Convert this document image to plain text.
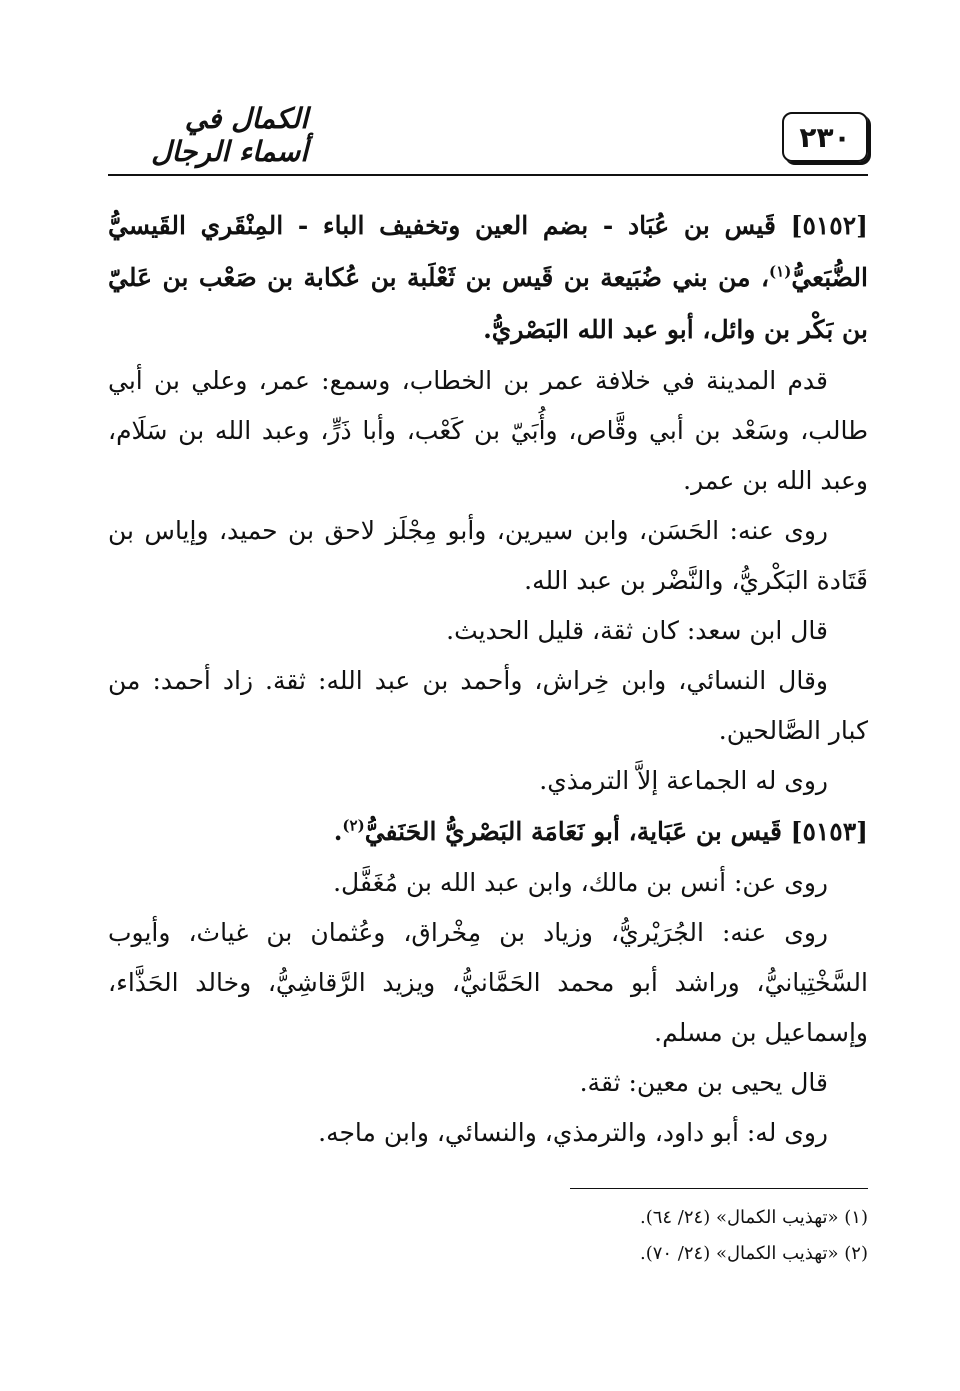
٢٣٠
الكمال في أسماء الرجال

[٥١٥٢] قَيس بن عُبَاد - بضم العين وتخفيف الباء - المِنْقَري القَيسيُّ الضُّبَعيُّ$^{(١)}$، من بني ضُبَيعة بن قَيس بن ثَعْلَبة بن عُكابة بن صَعْب بن عَليّ بن بَكْر بن وائل، أبو عبد الله البَصْريُّ.

قدم المدينة في خلافة عمر بن الخطاب، وسمع: عمر، وعلي بن أبي طالب، وسَعْد بن أبي وقَّاص، وأُبَيّ بن كَعْب، وأبا ذَرٍّ، وعبد الله بن سَلَام، وعبد الله بن عمر.

روى عنه: الحَسَن، وابن سيرين، وأبو مِجْلَز لاحق بن حميد، وإياس بن قَتَادة البَكْريُّ، والنَّضْر بن عبد الله.

قال ابن سعد: كان ثقة، قليل الحديث.

وقال النسائي، وابن خِراش، وأحمد بن عبد الله: ثقة. زاد أحمد: من كبار الصَّالحين.

روى له الجماعة إلاَّ الترمذي.

[٥١٥٣] قَيس بن عَبَاية، أبو نَعَامَة البَصْريُّ الحَنَفيُّ$^{(٢)}$.

روى عن: أنس بن مالك، وابن عبد الله بن مُغَفَّل.

روى عنه: الجُرَيْريُّ، وزياد بن مِخْراق، وعُثمان بن غياث، وأيوب السَّخْتِيانيُّ، وراشد أبو محمد الحَمَّانيُّ، ويزيد الرَّقاشِيُّ، وخالد الحَذَّاء، وإسماعيل بن مسلم.

قال يحيى بن معين: ثقة.

روى له: أبو داود، والترمذي، والنسائي، وابن ماجه.

(١) «تهذيب الكمال» (٢٤/ ٦٤).

(٢) «تهذيب الكمال» (٢٤/ ٧٠).
